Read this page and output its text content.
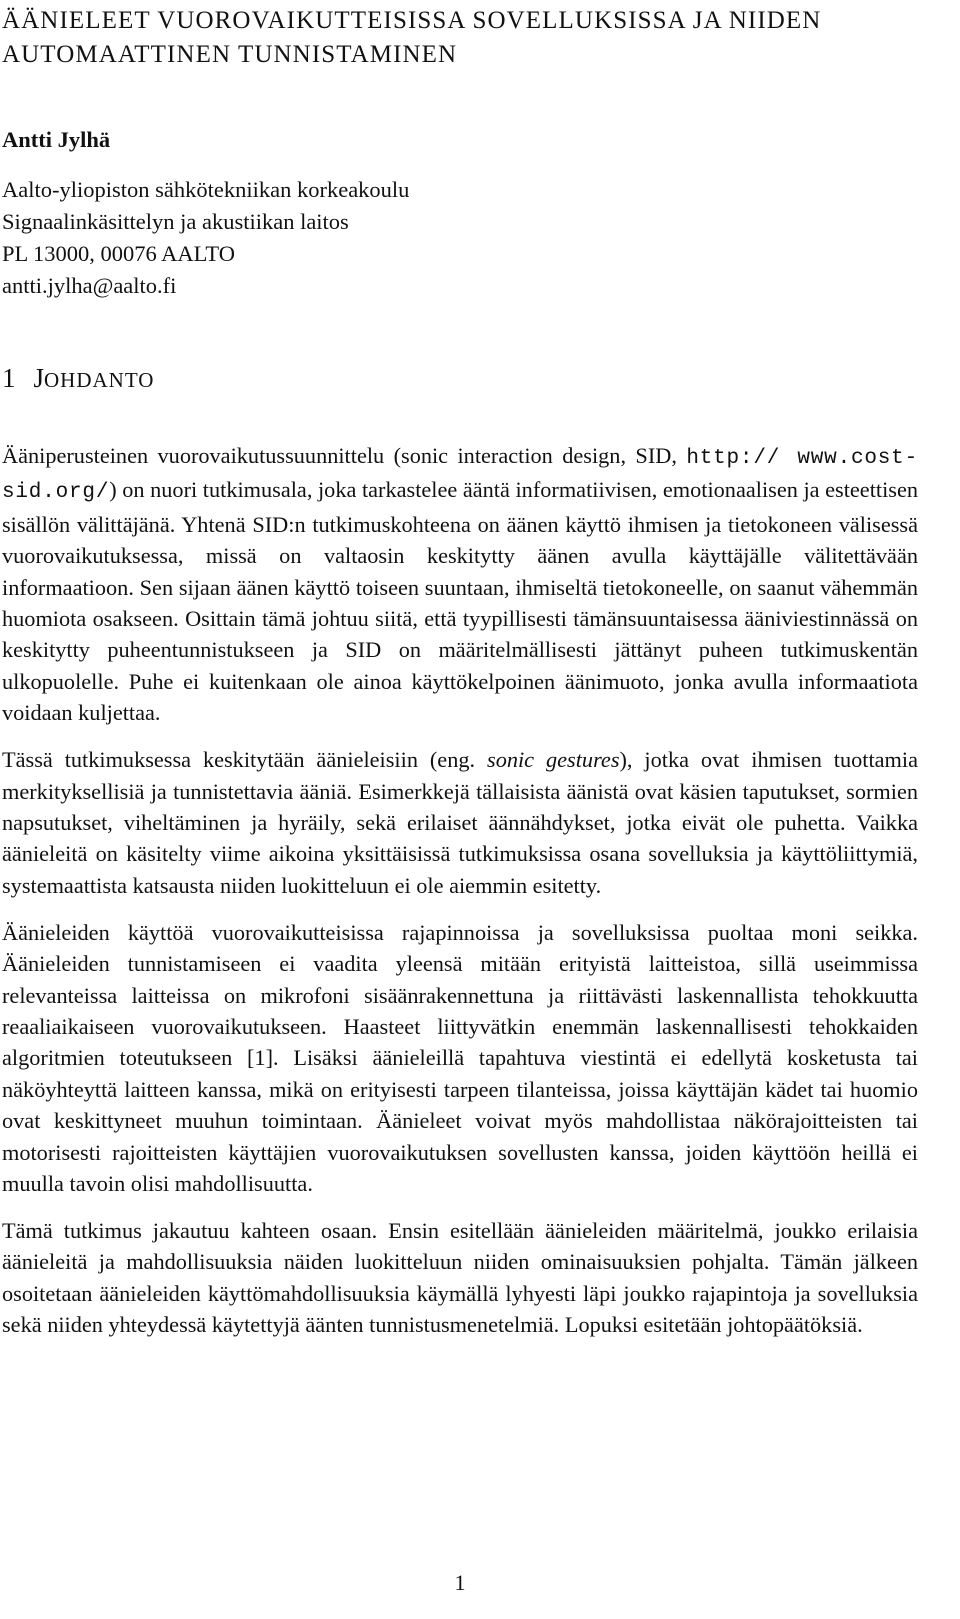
ÄÄNIELEET VUOROVAIKUTTEISISSA SOVELLUKSISSA JA NIIDEN AUTOMAATTINEN TUNNISTAMINEN
Antti Jylhä
Aalto-yliopiston sähkötekniikan korkeakoulu
Signaalinkäsittelyn ja akustiikan laitos
PL 13000, 00076 AALTO
antti.jylha@aalto.fi
1 JOHDANTO

Ääniperusteinen vuorovaikutussuunnittelu (sonic interaction design, SID, http:// www.cost-sid.org/) on nuori tutkimusala, joka tarkastelee ääntä informatiivisen, emotionaalisen ja esteettisen sisällön välittäjänä. Yhtenä SID:n tutkimuskohteena on äänen käyttö ihmisen ja tietokoneen välisessä vuorovaikutuksessa, missä on valtaosin keskitytty äänen avulla käyttäjälle välitettävään informaatioon. Sen sijaan äänen käyttö toiseen suuntaan, ihmiseltä tietokoneelle, on saanut vähemmän huomiota osakseen. Osittain tämä johtuu siitä, että tyypillisesti tämänsuuntaisessa ääniviestinnässä on keskitytty puheentunnistukseen ja SID on määritelmällisesti jättänyt puheen tutkimuskentän ulkopuolelle. Puhe ei kuitenkaan ole ainoa käyttökelpoinen äänimuoto, jonka avulla informaatiota voidaan kuljettaa.

Tässä tutkimuksessa keskitytään äänieleisiin (eng. sonic gestures), jotka ovat ihmisen tuottamia merkityksellisiä ja tunnistettavia ääniä. Esimerkkejä tällaisista äänistä ovat käsien taputukset, sormien napsutukset, viheltäminen ja hyräily, sekä erilaiset äännähdykset, jotka eivät ole puhetta. Vaikka äänieleitä on käsitelty viime aikoina yksittäisissä tutkimuksissa osana sovelluksia ja käyttöliittymiä, systemaattista katsausta niiden luokitteluun ei ole aiemmin esitetty.

Äänieleiden käyttöä vuorovaikutteisissa rajapinnoissa ja sovelluksissa puoltaa moni seikka. Äänieleiden tunnistamiseen ei vaadita yleensä mitään erityistä laitteistoa, sillä useimmissa relevanteissa laitteissa on mikrofoni sisäänrakennettuna ja riittävästi laskennallista tehokkuutta reaaliaikaiseen vuorovaikutukseen. Haasteet liittyvätkin enemmän laskennallisesti tehokkaiden algoritmien toteutukseen [1]. Lisäksi äänieleillä tapahtuva viestintä ei edellytä kosketusta tai näköyhteyttä laitteen kanssa, mikä on erityisesti tarpeen tilanteissa, joissa käyttäjän kädet tai huomio ovat keskittyneet muuhun toimintaan. Äänieleet voivat myös mahdollistaa näkörajoitteisten tai motorisesti rajoitteisten käyttäjien vuorovaikutuksen sovellusten kanssa, joiden käyttöön heillä ei muulla tavoin olisi mahdollisuutta.

Tämä tutkimus jakautuu kahteen osaan. Ensin esitellään äänieleiden määritelmä, joukko erilaisia äänieleitä ja mahdollisuuksia näiden luokitteluun niiden ominaisuuksien pohjalta. Tämän jälkeen osoitetaan äänieleiden käyttömahdollisuuksia käymällä lyhyesti läpi joukko rajapintoja ja sovelluksia sekä niiden yhteydessä käytettyjä äänten tunnistusmenetelmiä. Lopuksi esitetään johtopäätöksiä.

1
